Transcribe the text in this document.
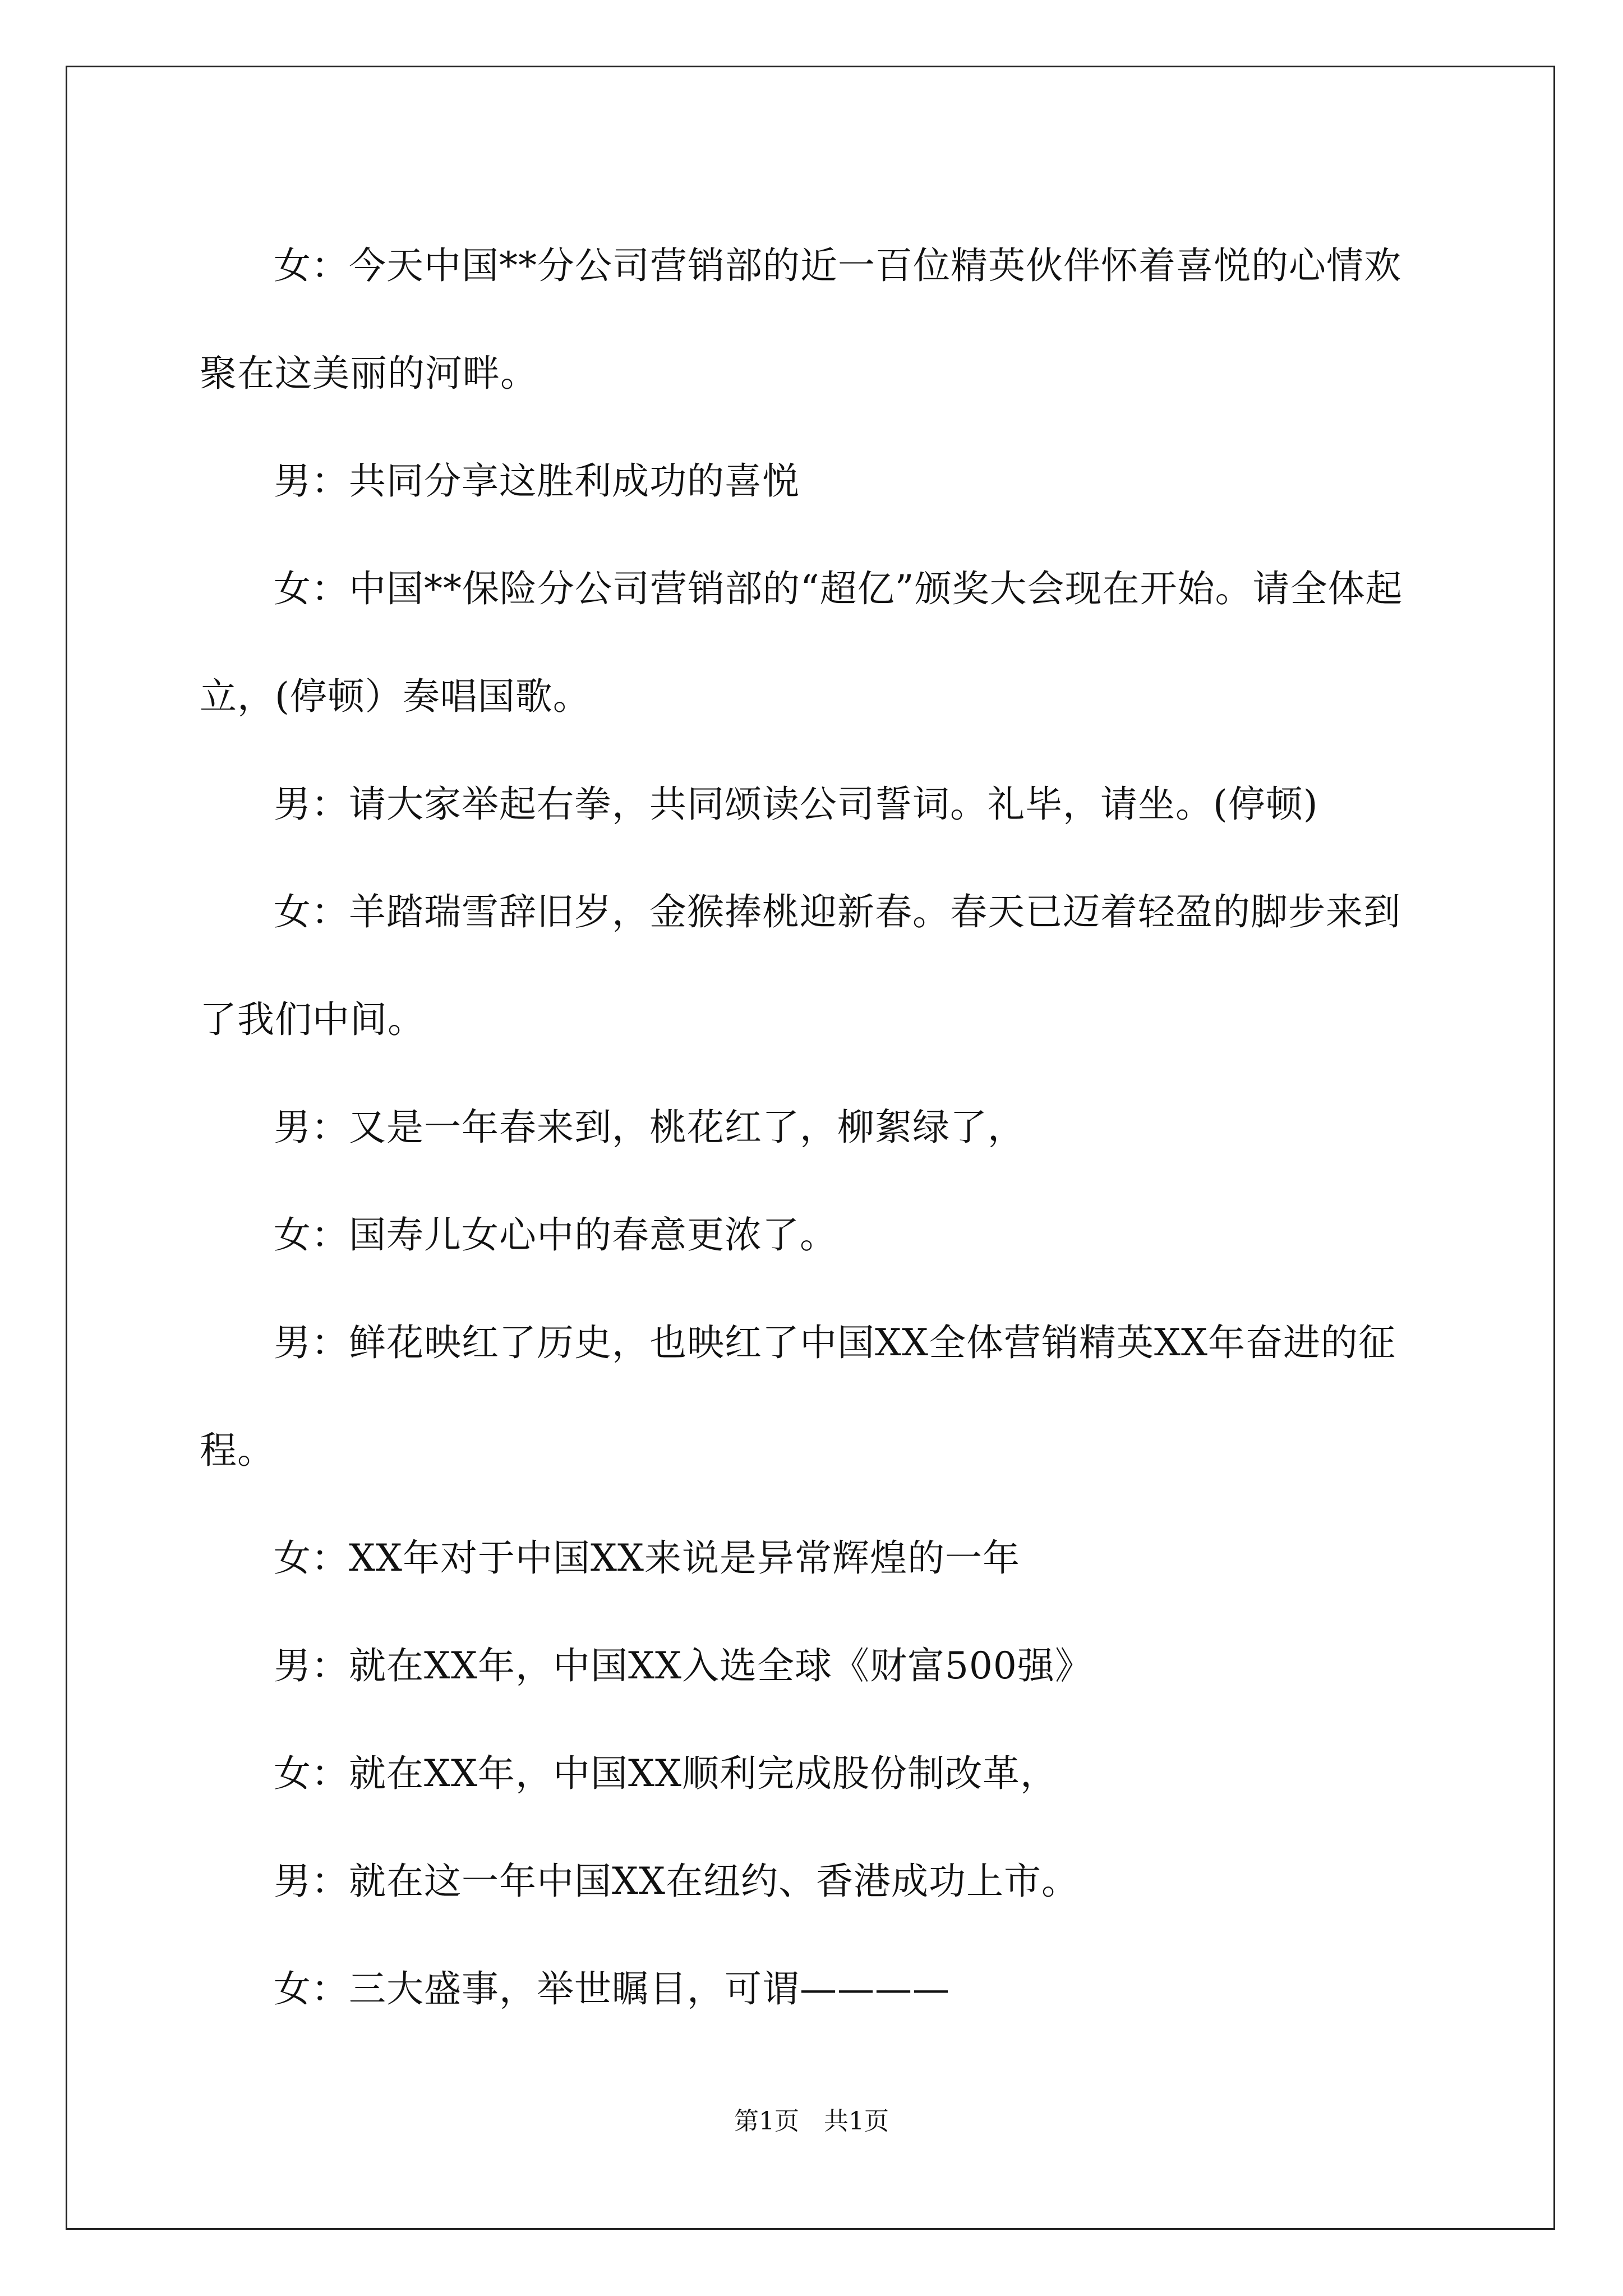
女：今天中国**分公司营销部的近一百位精英伙伴怀着喜悦的心情欢聚在这美丽的河畔。

男：共同分享这胜利成功的喜悦

女：中国**保险分公司营销部的“超亿”颁奖大会现在开始。请全体起立，(停顿）奏唱国歌。

男：请大家举起右拳，共同颂读公司誓词。礼毕，请坐。(停顿)

女：羊踏瑞雪辞旧岁，金猴捧桃迎新春。春天已迈着轻盈的脚步来到了我们中间。

男：又是一年春来到，桃花红了，柳絮绿了，

女：国寿儿女心中的春意更浓了。

男：鲜花映红了历史，也映红了中国XX全体营销精英XX年奋进的征程。

女：XX年对于中国XX来说是异常辉煌的一年

男：就在XX年，中国XX入选全球《财富500强》

女：就在XX年，中国XX顺利完成股份制改革，

男：就在这一年中国XX在纽约、香港成功上市。

女：三大盛事，举世瞩目，可谓————

第1页　共1页
